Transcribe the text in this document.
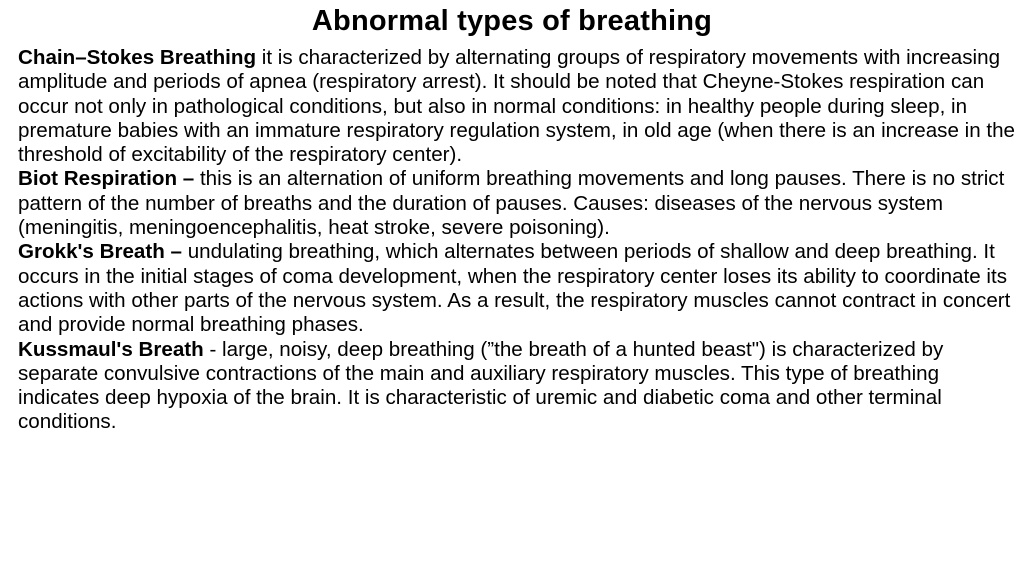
Abnormal types of breathing

Chain–Stokes Breathing it is characterized by alternating groups of respiratory movements with increasing amplitude and periods of apnea (respiratory arrest). It should be noted that Cheyne-Stokes respiration can occur not only in pathological conditions, but also in normal conditions: in healthy people during sleep, in premature babies with an immature respiratory regulation system, in old age (when there is an increase in the threshold of excitability of the respiratory center).

Biot Respiration – this is an alternation of uniform breathing movements and long pauses. There is no strict pattern of the number of breaths and the duration of pauses. Causes: diseases of the nervous system (meningitis, meningoencephalitis, heat stroke, severe poisoning).

Grokk's Breath – undulating breathing, which alternates between periods of shallow and deep breathing. It occurs in the initial stages of coma development, when the respiratory center loses its ability to coordinate its actions with other parts of the nervous system. As a result, the respiratory muscles cannot contract in concert and provide normal breathing phases.

Kussmaul's Breath - large, noisy, deep breathing (”the breath of a hunted beast") is characterized by separate convulsive contractions of the main and auxiliary respiratory muscles. This type of breathing indicates deep hypoxia of the brain. It is characteristic of uremic and diabetic coma and other terminal conditions.
